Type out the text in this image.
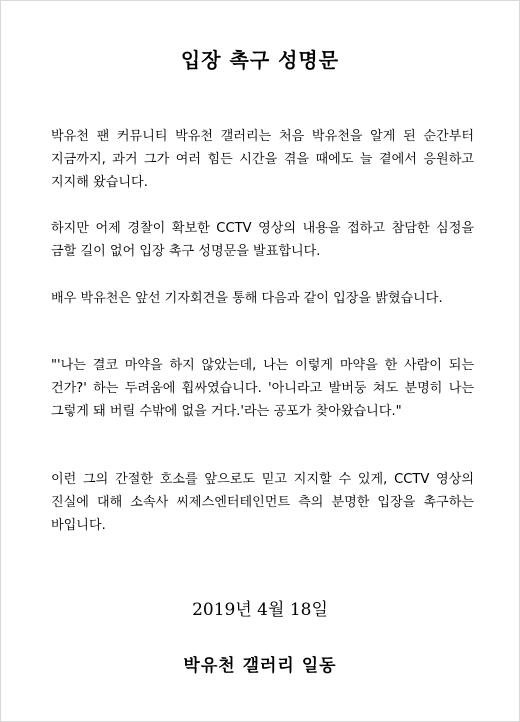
입장 촉구 성명문

박유천 팬 커뮤니티 박유천 갤러리는 처음 박유천을 알게 된 순간부터 지금까지, 과거 그가 여러 힘든 시간을 겪을 때에도 늘 곁에서 응원하고 지지해 왔습니다.

하지만 어제 경찰이 확보한 CCTV 영상의 내용을 접하고 참담한 심정을 금할 길이 없어 입장 촉구 성명문을 발표합니다.

배우 박유천은 앞선 기자회견을 통해 다음과 같이 입장을 밝혔습니다.

"'나는 결코 마약을 하지 않았는데, 나는 이렇게 마약을 한 사람이 되는 건가?' 하는 두려움에 휩싸였습니다. '아니라고 발버둥 쳐도 분명히 나는 그렇게 돼 버릴 수밖에 없을 거다.'라는 공포가 찾아왔습니다."

이런 그의 간절한 호소를 앞으로도 믿고 지지할 수 있게, CCTV 영상의 진실에 대해 소속사 씨제스엔터테인먼트 측의 분명한 입장을 촉구하는 바입니다.

2019년 4월 18일
박유천 갤러리 일동
